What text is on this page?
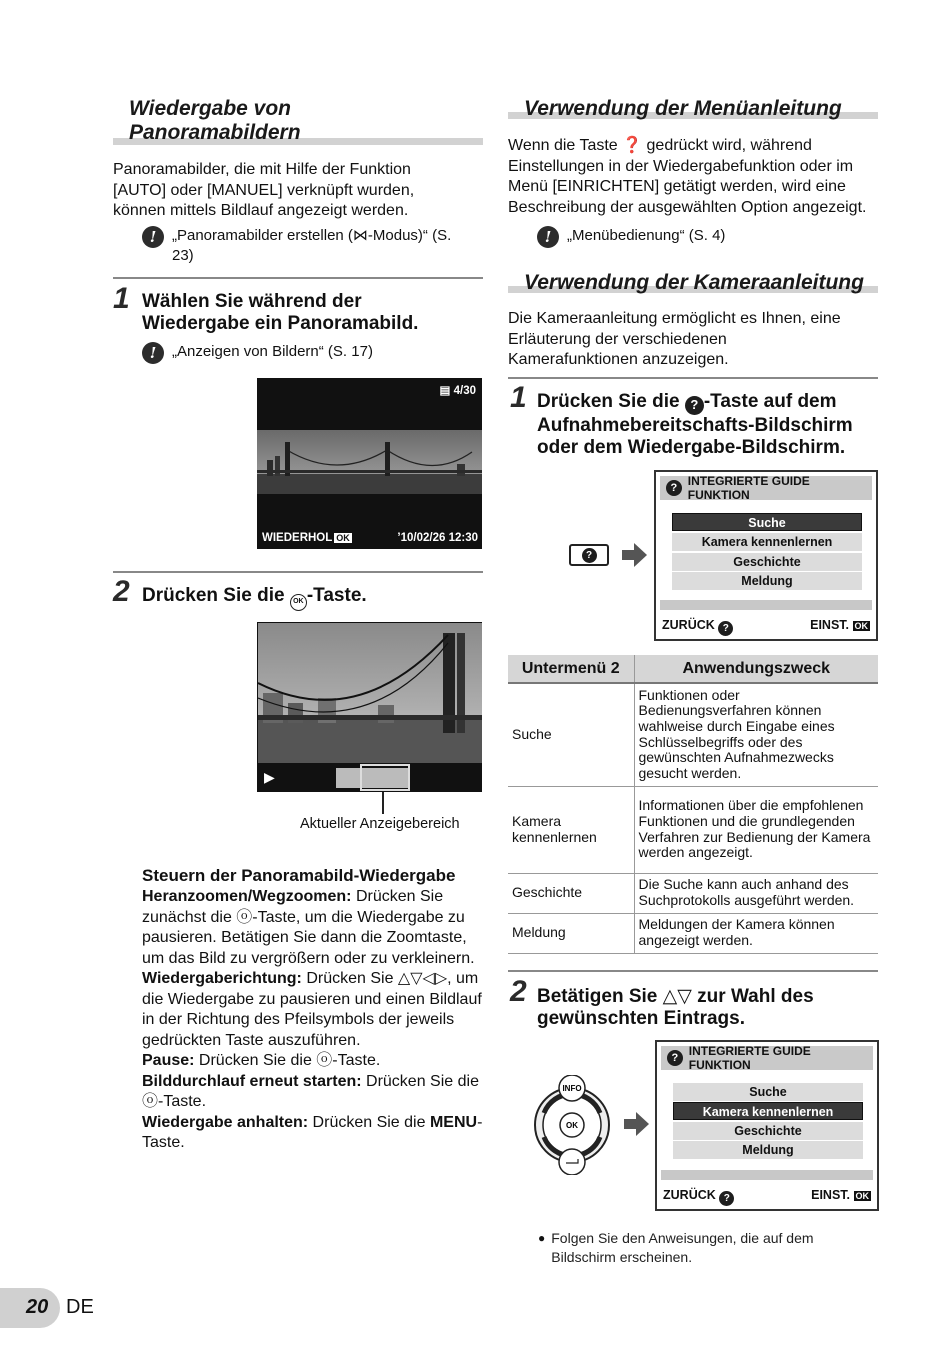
Wiedergabe von Panoramabildern
Panoramabilder, die mit Hilfe der Funktion [AUTO] oder [MANUEL] verknüpft wurden, können mittels Bildlauf angezeigt werden.
!	„Panoramabilder erstellen (⋈-Modus)“ (S. 23)
1 Wählen Sie während der Wiedergabe ein Panoramabild.
!	„Anzeigen von Bildern“ (S. 17)
▤ 4/30
WIEDERHOL OK	’10/02/26 12:30
2 Drücken Sie die OK -Taste.
▶
Aktueller Anzeigebereich
Steuern der Panoramabild-Wiedergabe
Heranzoomen/Wegzoomen: Drücken Sie zunächst die ⓞ-Taste, um die Wiedergabe zu pausieren. Betätigen Sie dann die Zoomtaste, um das Bild zu vergrößern oder zu verkleinern.
Wiedergaberichtung: Drücken Sie △▽◁▷, um die Wiedergabe zu pausieren und einen Bildlauf in der Richtung des Pfeilsymbols der jeweils gedrückten Taste auszuführen.
Pause: Drücken Sie die ⓞ-Taste.
Bilddurchlauf erneut starten: Drücken Sie die ⓞ-Taste.
Wiedergabe anhalten: Drücken Sie die MENU-Taste.
Verwendung der Menüanleitung
Wenn die Taste ❓ gedrückt wird, während Einstellungen in der Wiedergabefunktion oder im Menü [EINRICHTEN] getätigt werden, wird eine Beschreibung der ausgewählten Option angezeigt.
!	„Menübedienung“ (S. 4)
Verwendung der Kameraanleitung
Die Kameraanleitung ermöglicht es Ihnen, eine Erläuterung der verschiedenen Kamerafunktionen anzuzeigen.
1 Drücken Sie die ? -Taste auf dem Aufnahmebereitschafts-Bildschirm oder dem Wiedergabe-Bildschirm.
?
? INTEGRIERTE GUIDE FUNKTION
Suche
Kamera kennenlernen
Geschichte
Meldung
ZURÜCK ?	EINST. OK
Untermenü 2	Anwendungszweck
Suche	Funktionen oder Bedienungsverfahren können wahlweise durch Eingabe eines Schlüsselbegriffs oder des gewünschten Aufnahmezwecks gesucht werden.
Kamera kennenlernen	Informationen über die empfohlenen Funktionen und die grundlegenden Verfahren zur Bedienung der Kamera werden angezeigt.
Geschichte	Die Suche kann auch anhand des Suchprotokolls ausgeführt werden.
Meldung	Meldungen der Kamera können angezeigt werden.
2 Betätigen Sie △▽ zur Wahl des gewünschten Eintrags.
INFO
OK
? INTEGRIERTE GUIDE FUNKTION
Suche
Kamera kennenlernen
Geschichte
Meldung
ZURÜCK ?	EINST. OK
● Folgen Sie den Anweisungen, die auf dem Bildschirm erscheinen.
20 DE
